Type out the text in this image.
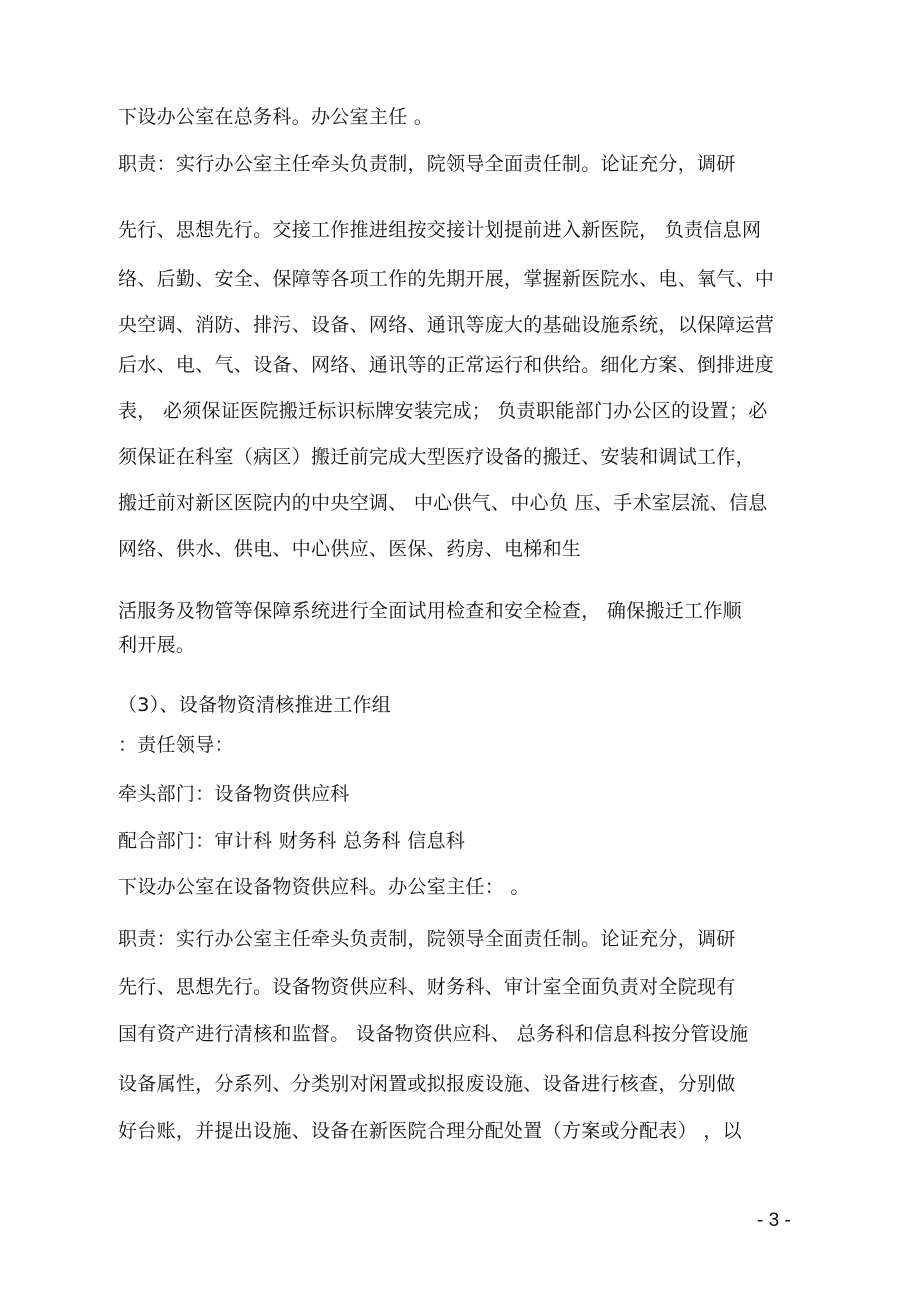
下设办公室在总务科。办公室主任 。
职责：实行办公室主任牵头负责制，院领导全面责任制。论证充分，调研
先行、思想先行。交接工作推进组按交接计划提前进入新医院， 负责信息网
络、后勤、安全、保障等各项工作的先期开展，掌握新医院水、电、氧气、中
央空调、消防、排污、设备、网络、通讯等庞大的基础设施系统，以保障运营
后水、电、气、设备、网络、通讯等的正常运行和供给。细化方案、倒排进度
表， 必须保证医院搬迁标识标牌安装完成； 负责职能部门办公区的设置；必
须保证在科室（病区）搬迁前完成大型医疗设备的搬迁、安装和调试工作，
搬迁前对新区医院内的中央空调、 中心供气、中心负 压、手术室层流、信息
网络、供水、供电、中心供应、医保、药房、电梯和生
活服务及物管等保障系统进行全面试用检查和安全检查， 确保搬迁工作顺
利开展。
（3）、设备物资清核推进工作组
：责任领导：
牵头部门：设备物资供应科
配合部门：审计科 财务科 总务科 信息科
下设办公室在设备物资供应科。办公室主任： 。
职责：实行办公室主任牵头负责制，院领导全面责任制。论证充分，调研
先行、思想先行。设备物资供应科、财务科、审计室全面负责对全院现有
国有资产进行清核和监督。 设备物资供应科、 总务科和信息科按分管设施
设备属性，分系列、分类别对闲置或拟报废设施、设备进行核查，分别做
好台账，并提出设施、设备在新医院合理分配处置（方案或分配表） ，以
- 3 -
